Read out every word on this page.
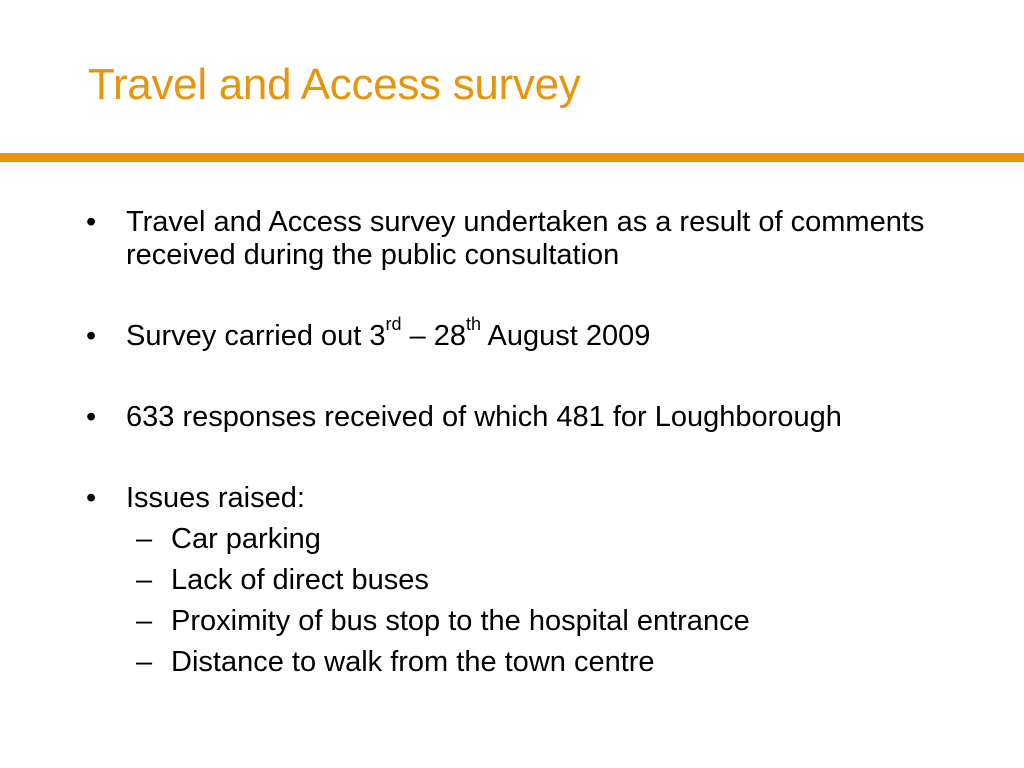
Travel and Access survey
• Travel and Access survey undertaken as a result of comments received during the public consultation
• Survey carried out 3rd – 28th August 2009
• 633 responses received of which 481 for Loughborough
• Issues raised:
– Car parking
– Lack of direct buses
– Proximity of bus stop to the hospital entrance
– Distance to walk from the town centre
